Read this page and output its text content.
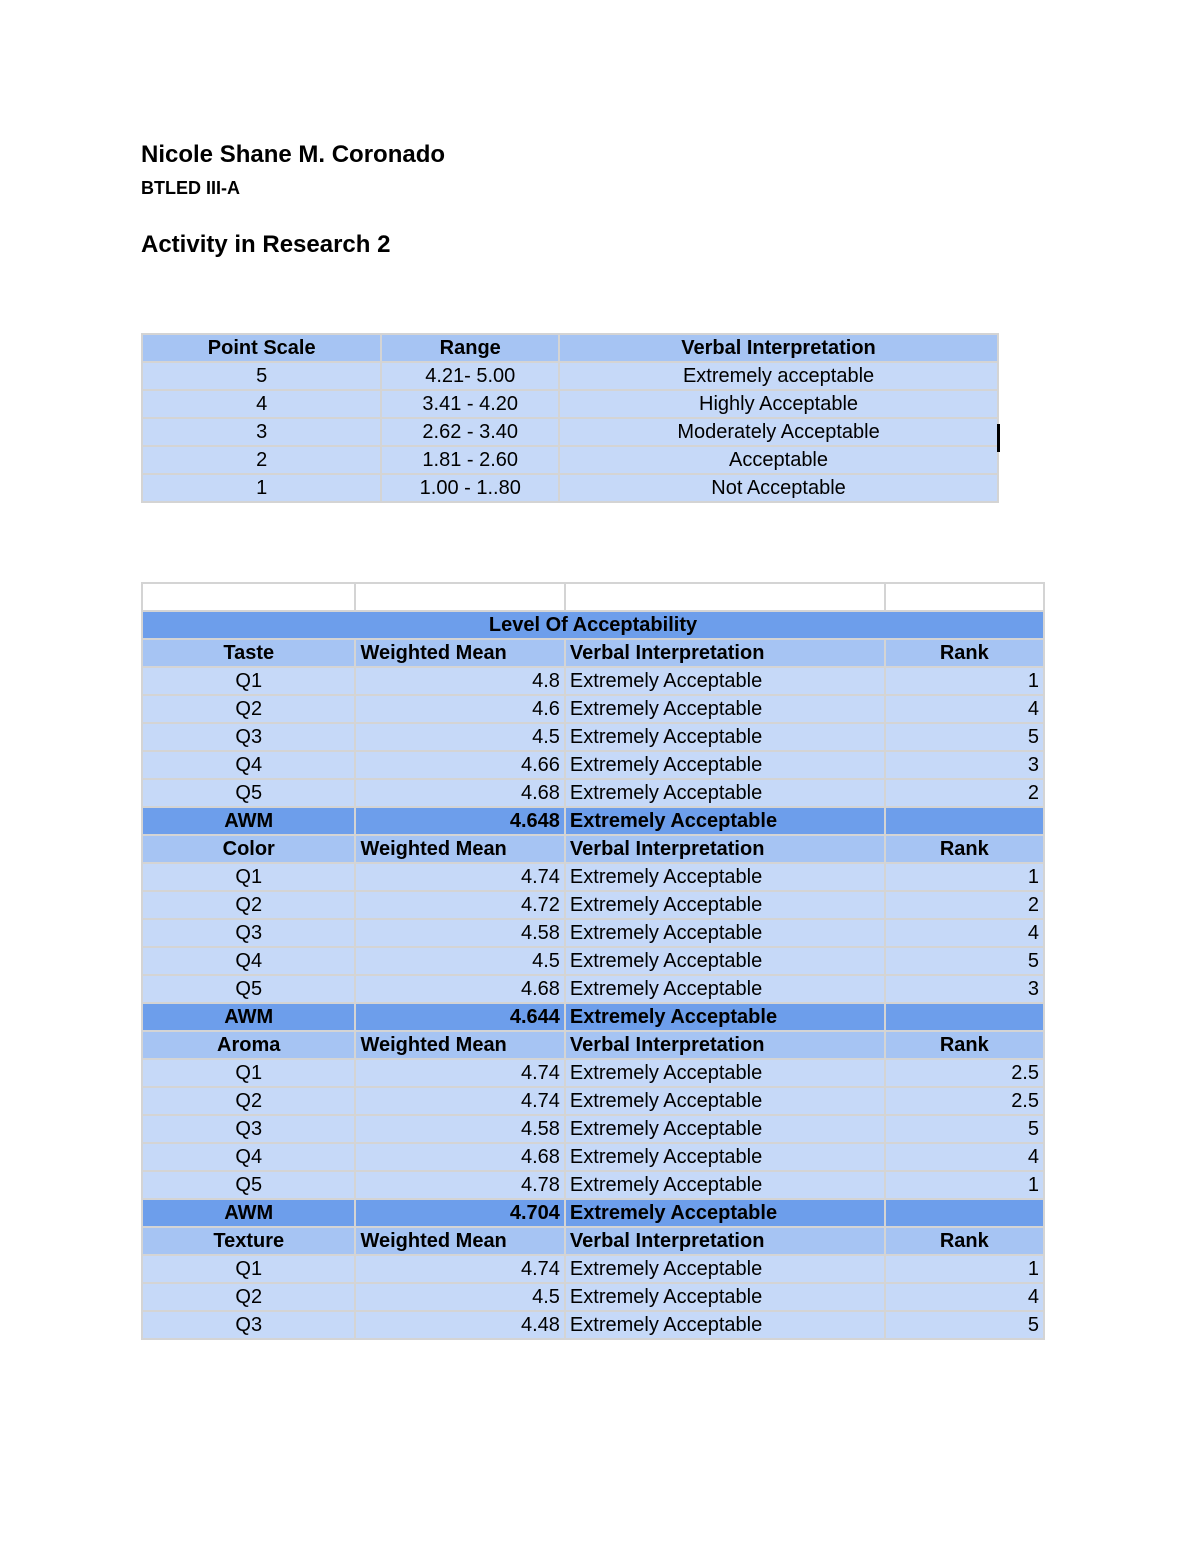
Nicole Shane M. Coronado
BTLED III-A
Activity in Research 2
Point Scale	Range	Verbal Interpretation
5	4.21- 5.00	Extremely acceptable
4	3.41 - 4.20	Highly Acceptable
3	2.62 - 3.40	Moderately Acceptable
2	1.81 - 2.60	Acceptable
1	1.00 - 1..80	Not Acceptable

Level Of Acceptability			
Taste	Weighted Mean	Verbal Interpretation	Rank
Q1	4.8	Extremely Acceptable	1
Q2	4.6	Extremely Acceptable	4
Q3	4.5	Extremely Acceptable	5
Q4	4.66	Extremely Acceptable	3
Q5	4.68	Extremely Acceptable	2
AWM	4.648	Extremely Acceptable	
Color	Weighted Mean	Verbal Interpretation	Rank
Q1	4.74	Extremely Acceptable	1
Q2	4.72	Extremely Acceptable	2
Q3	4.58	Extremely Acceptable	4
Q4	4.5	Extremely Acceptable	5
Q5	4.68	Extremely Acceptable	3
AWM	4.644	Extremely Acceptable	
Aroma	Weighted Mean	Verbal Interpretation	Rank
Q1	4.74	Extremely Acceptable	2.5
Q2	4.74	Extremely Acceptable	2.5
Q3	4.58	Extremely Acceptable	5
Q4	4.68	Extremely Acceptable	4
Q5	4.78	Extremely Acceptable	1
AWM	4.704	Extremely Acceptable	
Texture	Weighted Mean	Verbal Interpretation	Rank
Q1	4.74	Extremely Acceptable	1
Q2	4.5	Extremely Acceptable	4
Q3	4.48	Extremely Acceptable	5
